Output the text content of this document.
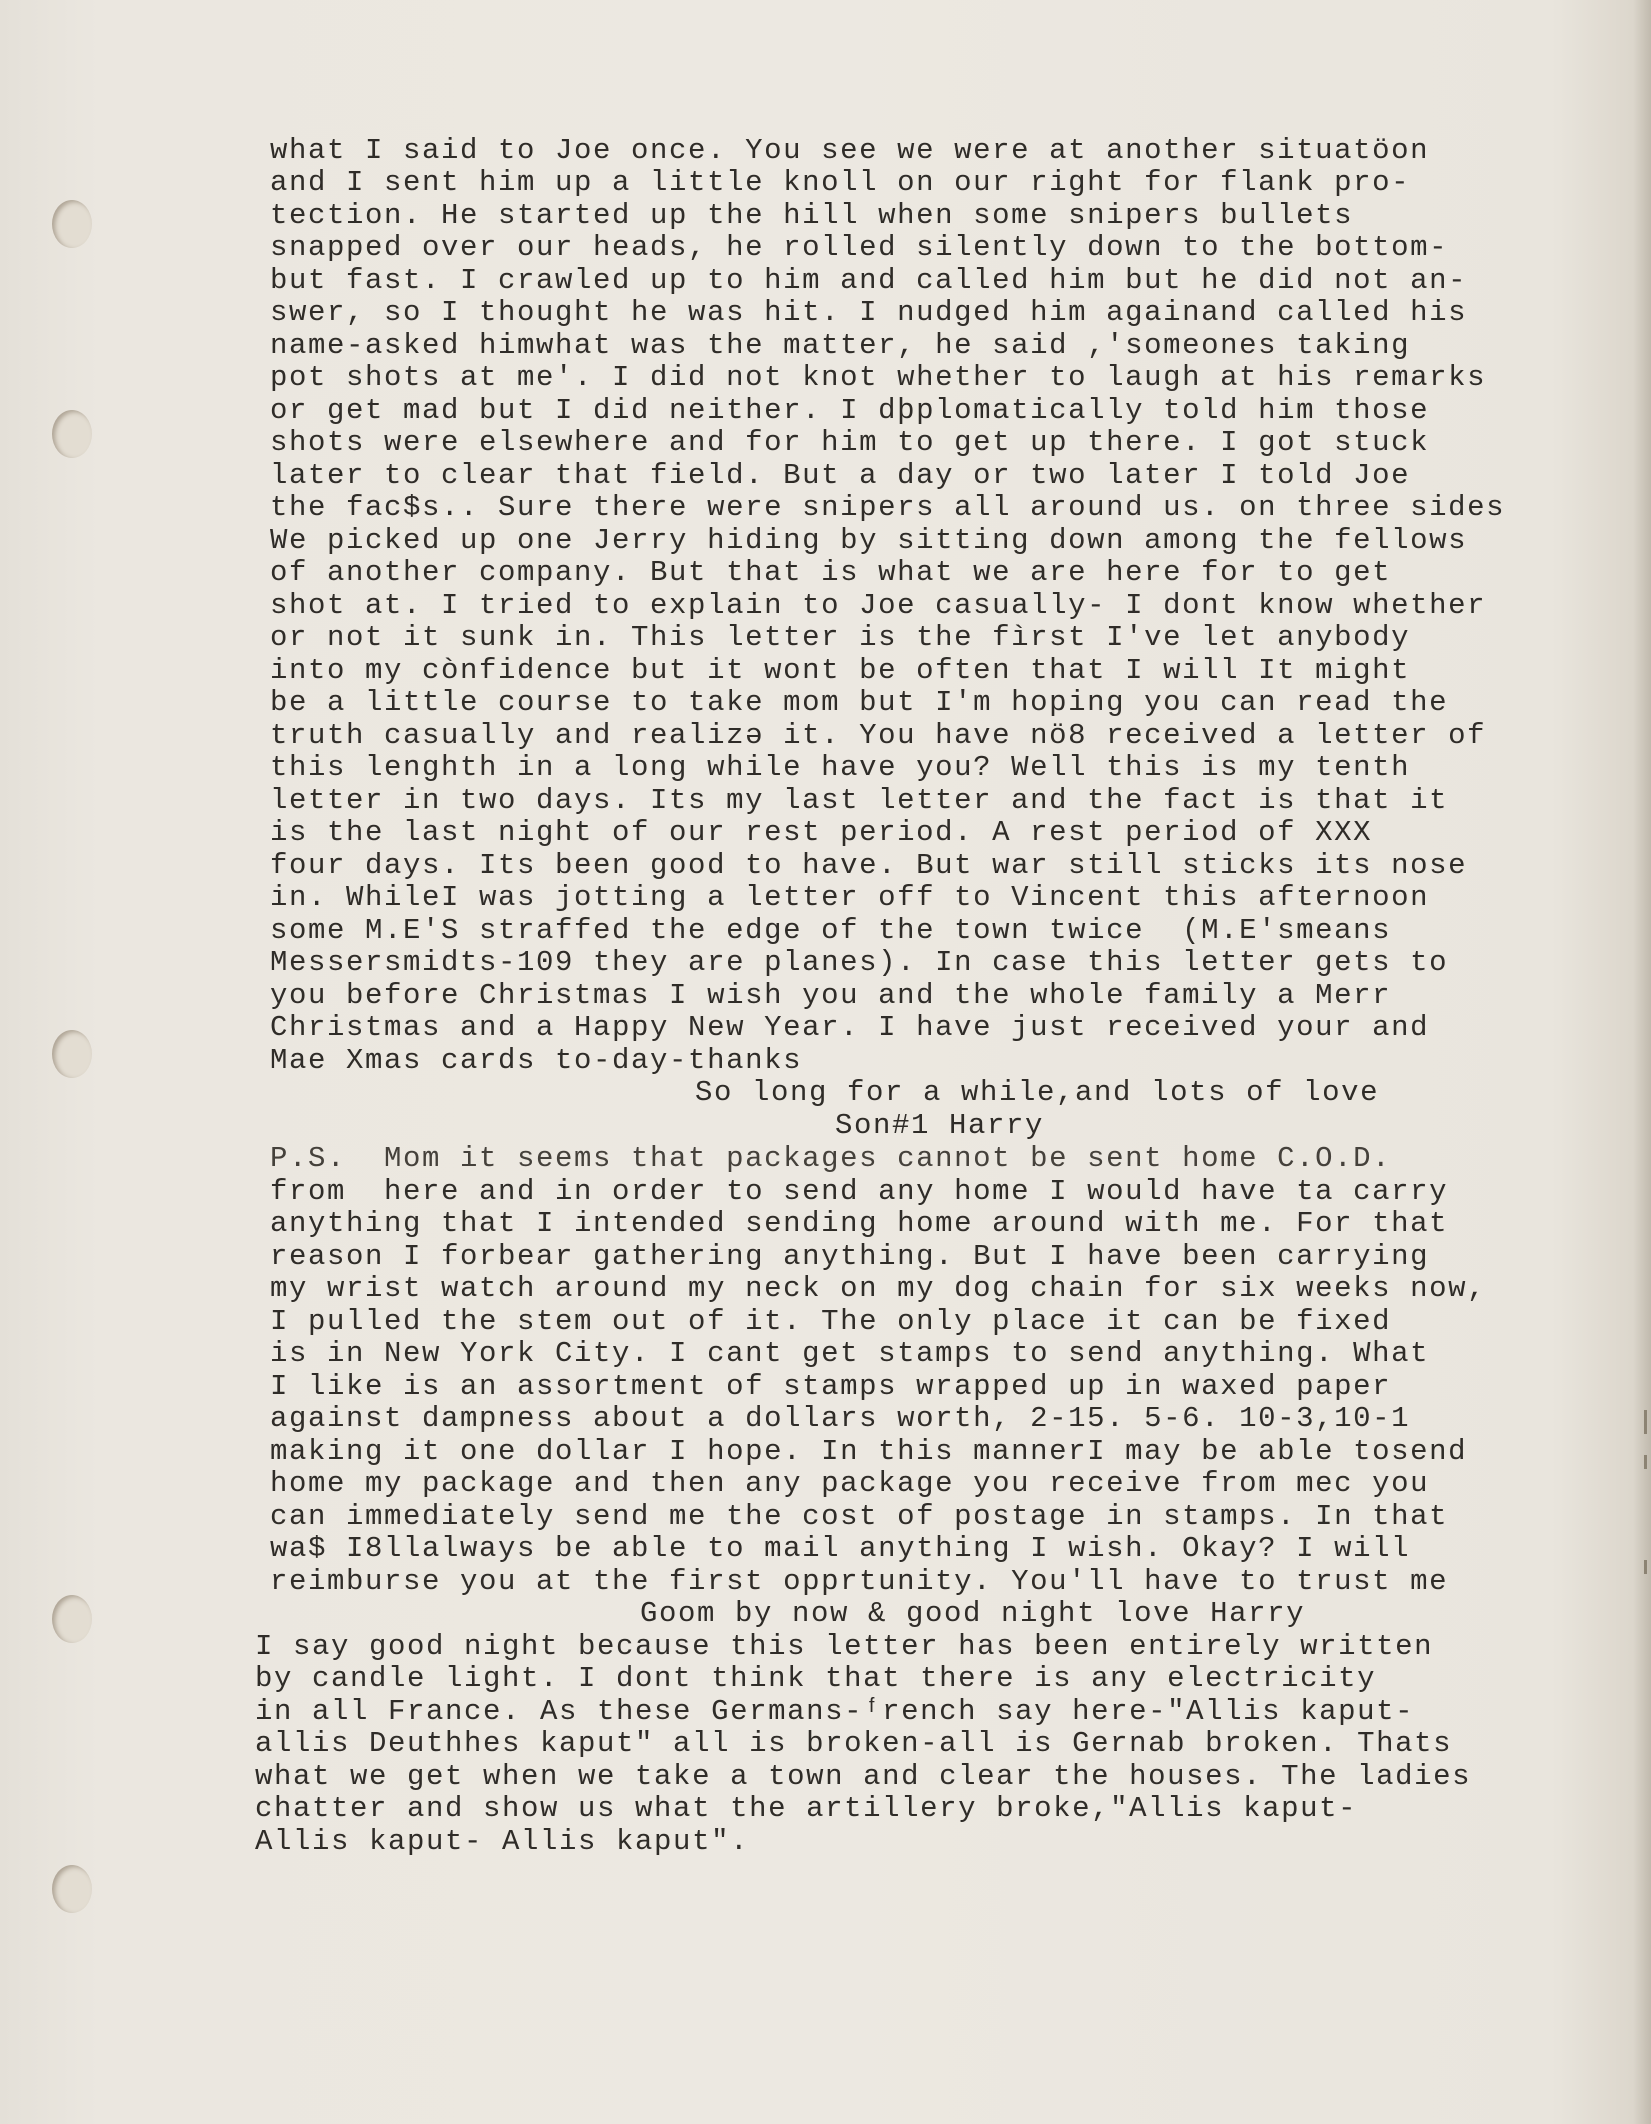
what I said to Joe once. You see we were at another situatöon
and I sent him up a little knoll on our right for flank pro-
tection. He started up the hill when some snipers bullets
snapped over our heads, he rolled silently down to the bottom-
but fast. I crawled up to him and called him but he did not an-
swer, so I thought he was hit. I nudged him againand called his
name-asked himwhat was the matter, he said ,'someones taking
pot shots at me'. I did not knot whether to laugh at his remarks
or get mad but I did neither. I dþplomatically told him those
shots were elsewhere and for him to get up there. I got stuck
later to clear that field. But a day or two later I told Joe
the fac$s.. Sure there were snipers all around us. on three sides
We picked up one Jerry hiding by sitting down among the fellows
of another company. But that is what we are here for to get
shot at. I tried to explain to Joe casually- I dont know whether
or not it sunk in. This letter is the fìrst I've let anybody
into my cònfidence but it wont be often that I will It might
be a little course to take mom but I'm hoping you can read the
truth casually and realizə it. You have nö8 received a letter of
this lenghth in a long while have you? Well this is my tenth
letter in two days. Its my last letter and the fact is that it
is the last night of our rest period. A rest period of XXX
four days. Its been good to have. But war still sticks its nose
in. WhileI was jotting a letter off to Vincent this afternoon
some M.E'S straffed the edge of the town twice  (M.E'smeans
Messersmidts-109 they are planes). In case this letter gets to
you before Christmas I wish you and the whole family a Merr
Christmas and a Happy New Year. I have just received your and
Mae Xmas cards to-day-thanks
So long for a while,and lots of love
Son#1 Harry
P.S.  Mom it seems that packages cannot be sent home C.O.D.
from  here and in order to send any home I would have ta carry
anything that I intended sending home around with me. For that
reason I forbear gathering anything. But I have been carrying
my wrist watch around my neck on my dog chain for six weeks now,
I pulled the stem out of it. The only place it can be fixed
is in New York City. I cant get stamps to send anything. What
I like is an assortment of stamps wrapped up in waxed paper
against dampness about a dollars worth, 2-15. 5-6. 10-3,10-1
making it one dollar I hope. In this mannerI may be able tosend
home my package and then any package you receive from mec you
can immediately send me the cost of postage in stamps. In that
wa$ I8llalways be able to mail anything I wish. Okay? I will
reimburse you at the first opprtunity. You'll have to trust me
Goom by now & good night love Harry
I say good night because this letter has been entirely written
by candle light. I dont think that there is any electricity
in all France. As these Germans-ᶠrench say here-"Allis kaput-
allis Deuthhes kaput" all is broken-all is Gernab broken. Thats
what we get when we take a town and clear the houses. The ladies
chatter and show us what the artillery broke,"Allis kaput-
Allis kaput- Allis kaput".
